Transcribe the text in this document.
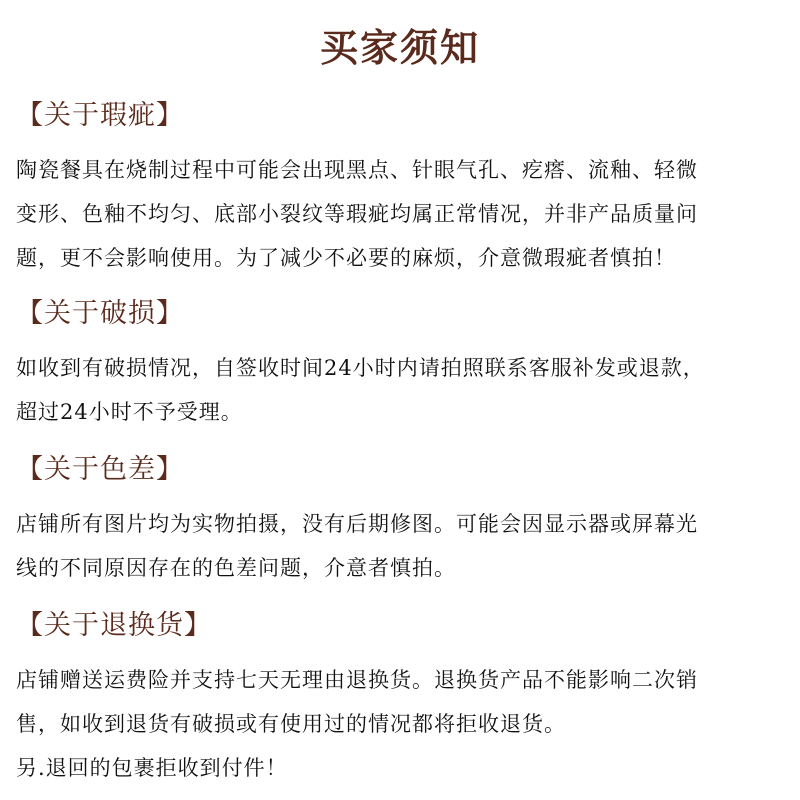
买家须知
【关于瑕疵】
陶瓷餐具在烧制过程中可能会出现黑点、针眼气孔、疙瘩、流釉、轻微
变形、色釉不均匀、底部小裂纹等瑕疵均属正常情况，并非产品质量问
题，更不会影响使用。为了减少不必要的麻烦，介意微瑕疵者慎拍！
【关于破损】
如收到有破损情况，自签收时间24小时内请拍照联系客服补发或退款，
超过24小时不予受理。
【关于色差】
店铺所有图片均为实物拍摄，没有后期修图。可能会因显示器或屏幕光
线的不同原因存在的色差问题，介意者慎拍。
【关于退换货】
店铺赠送运费险并支持七天无理由退换货。退换货产品不能影响二次销
售，如收到退货有破损或有使用过的情况都将拒收退货。
另.退回的包裹拒收到付件！
